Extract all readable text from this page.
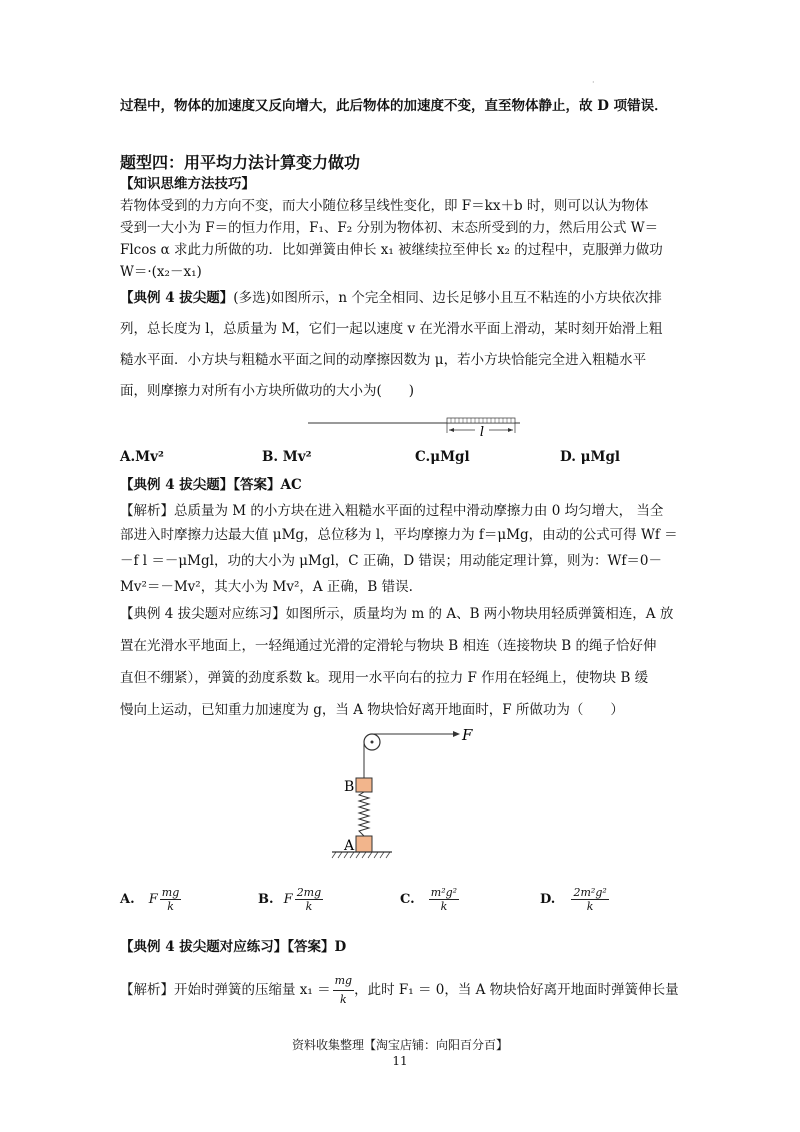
·
过程中，物体的加速度又反向增大，此后物体的加速度不变，直至物体静止，故 D 项错误．
题型四：用平均力法计算变力做功
【知识思维方法技巧】
若物体受到的力方向不变，而大小随位移呈线性变化，即 F＝kx＋b 时，则可以认为物体
受到一大小为 F＝的恒力作用，F₁、F₂ 分别为物体初、末态所受到的力，然后用公式 W＝
Flcos α 求此力所做的功．比如弹簧由伸长 x₁ 被继续拉至伸长 x₂ 的过程中，克服弹力做功
W＝·(x₂－x₁)
【典例 4 拔尖题】(多选)如图所示，n 个完全相同、边长足够小且互不粘连的小方块依次排
列，总长度为 l，总质量为 M，它们一起以速度 v 在光滑水平面上滑动，某时刻开始滑上粗
糙水平面．小方块与粗糙水平面之间的动摩擦因数为 μ，若小方块恰能完全进入粗糙水平
面，则摩擦力对所有小方块所做功的大小为(　　)
l
A.Mv²	B. Mv²	C.μMgl	D. μMgl
【典例 4 拔尖题】【答案】AC
【解析】总质量为 M 的小方块在进入粗糙水平面的过程中滑动摩擦力由 0 均匀增大， 当全
部进入时摩擦力达最大值 μMg，总位移为 l，平均摩擦力为 f＝μMg，由动的公式可得 Wf ＝
－f l ＝－μMgl，功的大小为 μMgl，C 正确，D 错误；用动能定理计算，则为：Wf＝0－
Mv²＝－Mv²，其大小为 Mv²，A 正确，B 错误.
【典例 4 拔尖题对应练习】如图所示，质量均为 m 的 A、B 两小物块用轻质弹簧相连，A 放
置在光滑水平地面上，一轻绳通过光滑的定滑轮与物块 B 相连（连接物块 B 的绳子恰好伸
直但不绷紧），弹簧的劲度系数 k。现用一水平向右的拉力 F 作用在轻绳上，使物块 B 缓
慢向上运动，已知重力加速度为 g，当 A 物块恰好离开地面时，F 所做功为（　　）
F
B
A
A. F $\frac{mg}{k}$	B. F $\frac{2mg}{k}$	C. $\frac{\text{m²g²}}{k}$	D. $\frac{\text{2m²g²}}{k}$
【典例 4 拔尖题对应练习】【答案】D
【解析】开始时弹簧的压缩量 $x_1 = \frac{mg}{k}$ ，此时 F₁ ＝ 0，当 A 物块恰好离开地面时弹簧伸长量
资料收集整理【淘宝店铺：向阳百分百】
11
